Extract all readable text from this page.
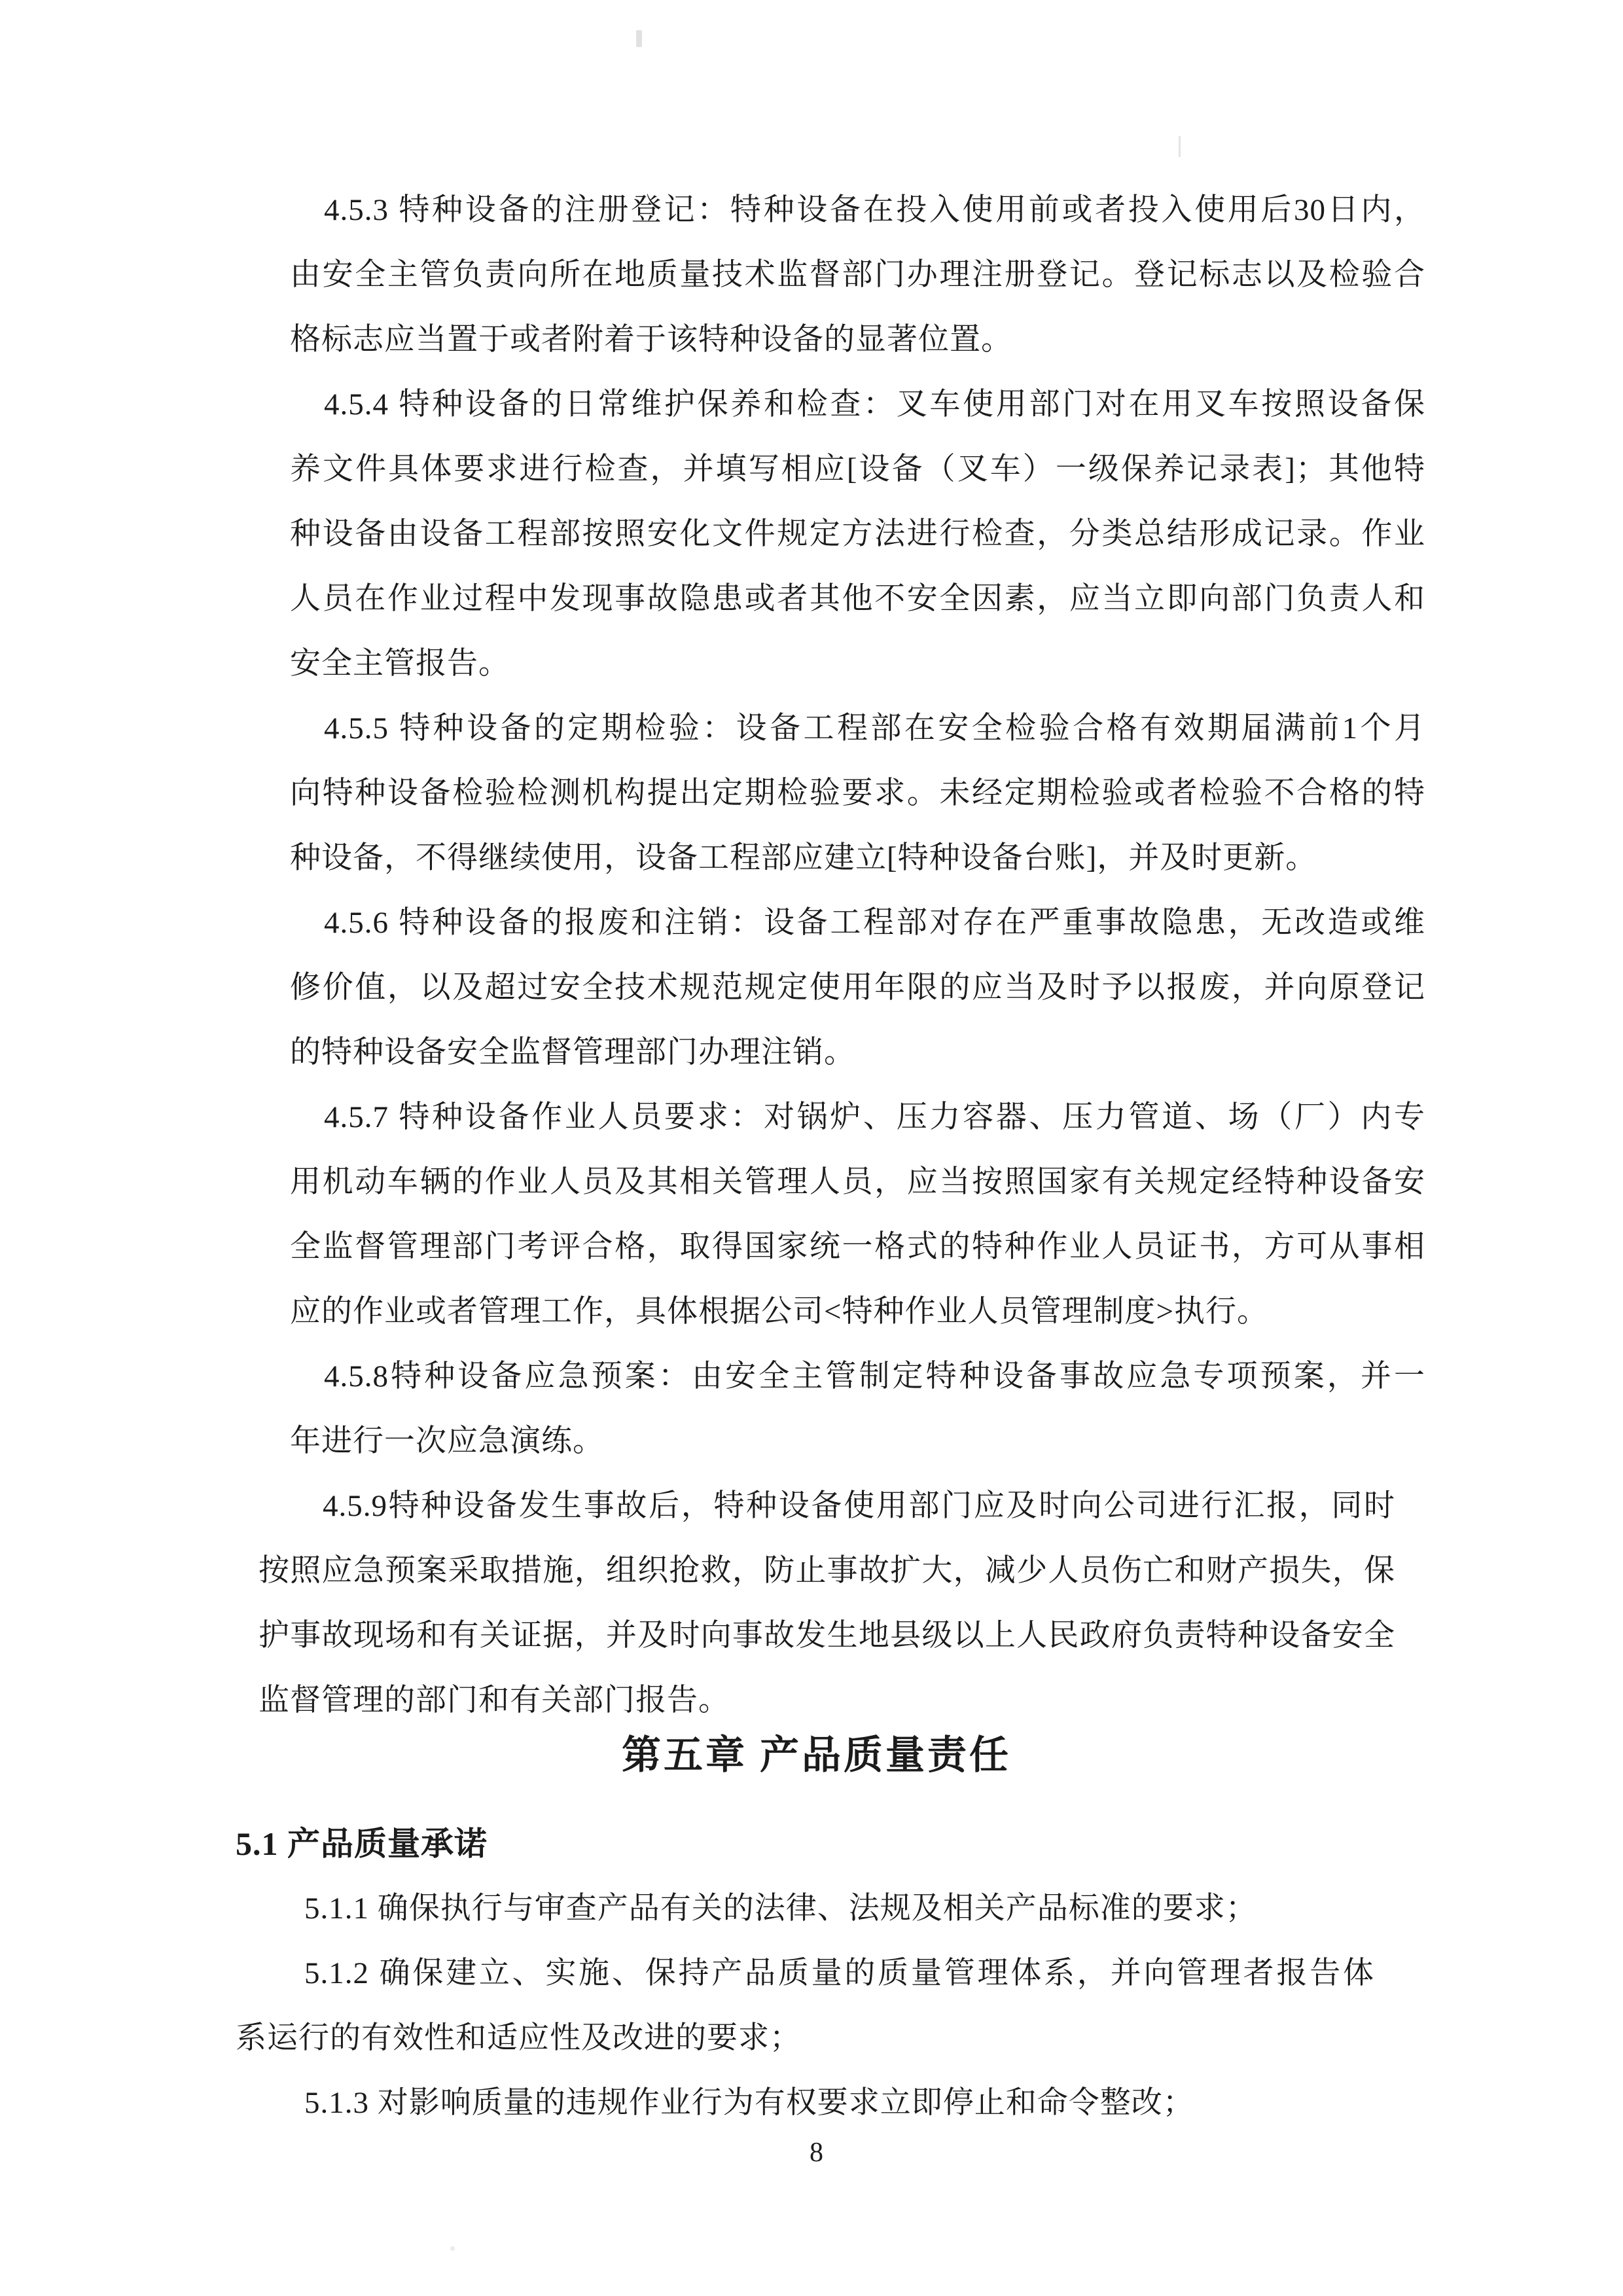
4.5.3 特种设备的注册登记：特种设备在投入使用前或者投入使用后30日内，
由安全主管负责向所在地质量技术监督部门办理注册登记。登记标志以及检验合
格标志应当置于或者附着于该特种设备的显著位置。
4.5.4 特种设备的日常维护保养和检查：叉车使用部门对在用叉车按照设备保
养文件具体要求进行检查，并填写相应[设备（叉车）一级保养记录表]；其他特
种设备由设备工程部按照安化文件规定方法进行检查，分类总结形成记录。作业
人员在作业过程中发现事故隐患或者其他不安全因素，应当立即向部门负责人和
安全主管报告。
4.5.5 特种设备的定期检验：设备工程部在安全检验合格有效期届满前1个月
向特种设备检验检测机构提出定期检验要求。未经定期检验或者检验不合格的特
种设备，不得继续使用，设备工程部应建立[特种设备台账]，并及时更新。
4.5.6 特种设备的报废和注销：设备工程部对存在严重事故隐患，无改造或维
修价值，以及超过安全技术规范规定使用年限的应当及时予以报废，并向原登记
的特种设备安全监督管理部门办理注销。
4.5.7 特种设备作业人员要求：对锅炉、压力容器、压力管道、场（厂）内专
用机动车辆的作业人员及其相关管理人员，应当按照国家有关规定经特种设备安
全监督管理部门考评合格，取得国家统一格式的特种作业人员证书，方可从事相
应的作业或者管理工作，具体根据公司<特种作业人员管理制度>执行。
4.5.8特种设备应急预案：由安全主管制定特种设备事故应急专项预案，并一
年进行一次应急演练。
4.5.9特种设备发生事故后，特种设备使用部门应及时向公司进行汇报，同时
按照应急预案采取措施，组织抢救，防止事故扩大，减少人员伤亡和财产损失，保
护事故现场和有关证据，并及时向事故发生地县级以上人民政府负责特种设备安全
监督管理的部门和有关部门报告。
第五章 产品质量责任
5.1 产品质量承诺
5.1.1 确保执行与审查产品有关的法律、法规及相关产品标准的要求；
5.1.2 确保建立、实施、保持产品质量的质量管理体系，并向管理者报告体
系运行的有效性和适应性及改进的要求；
5.1.3 对影响质量的违规作业行为有权要求立即停止和命令整改；
8
